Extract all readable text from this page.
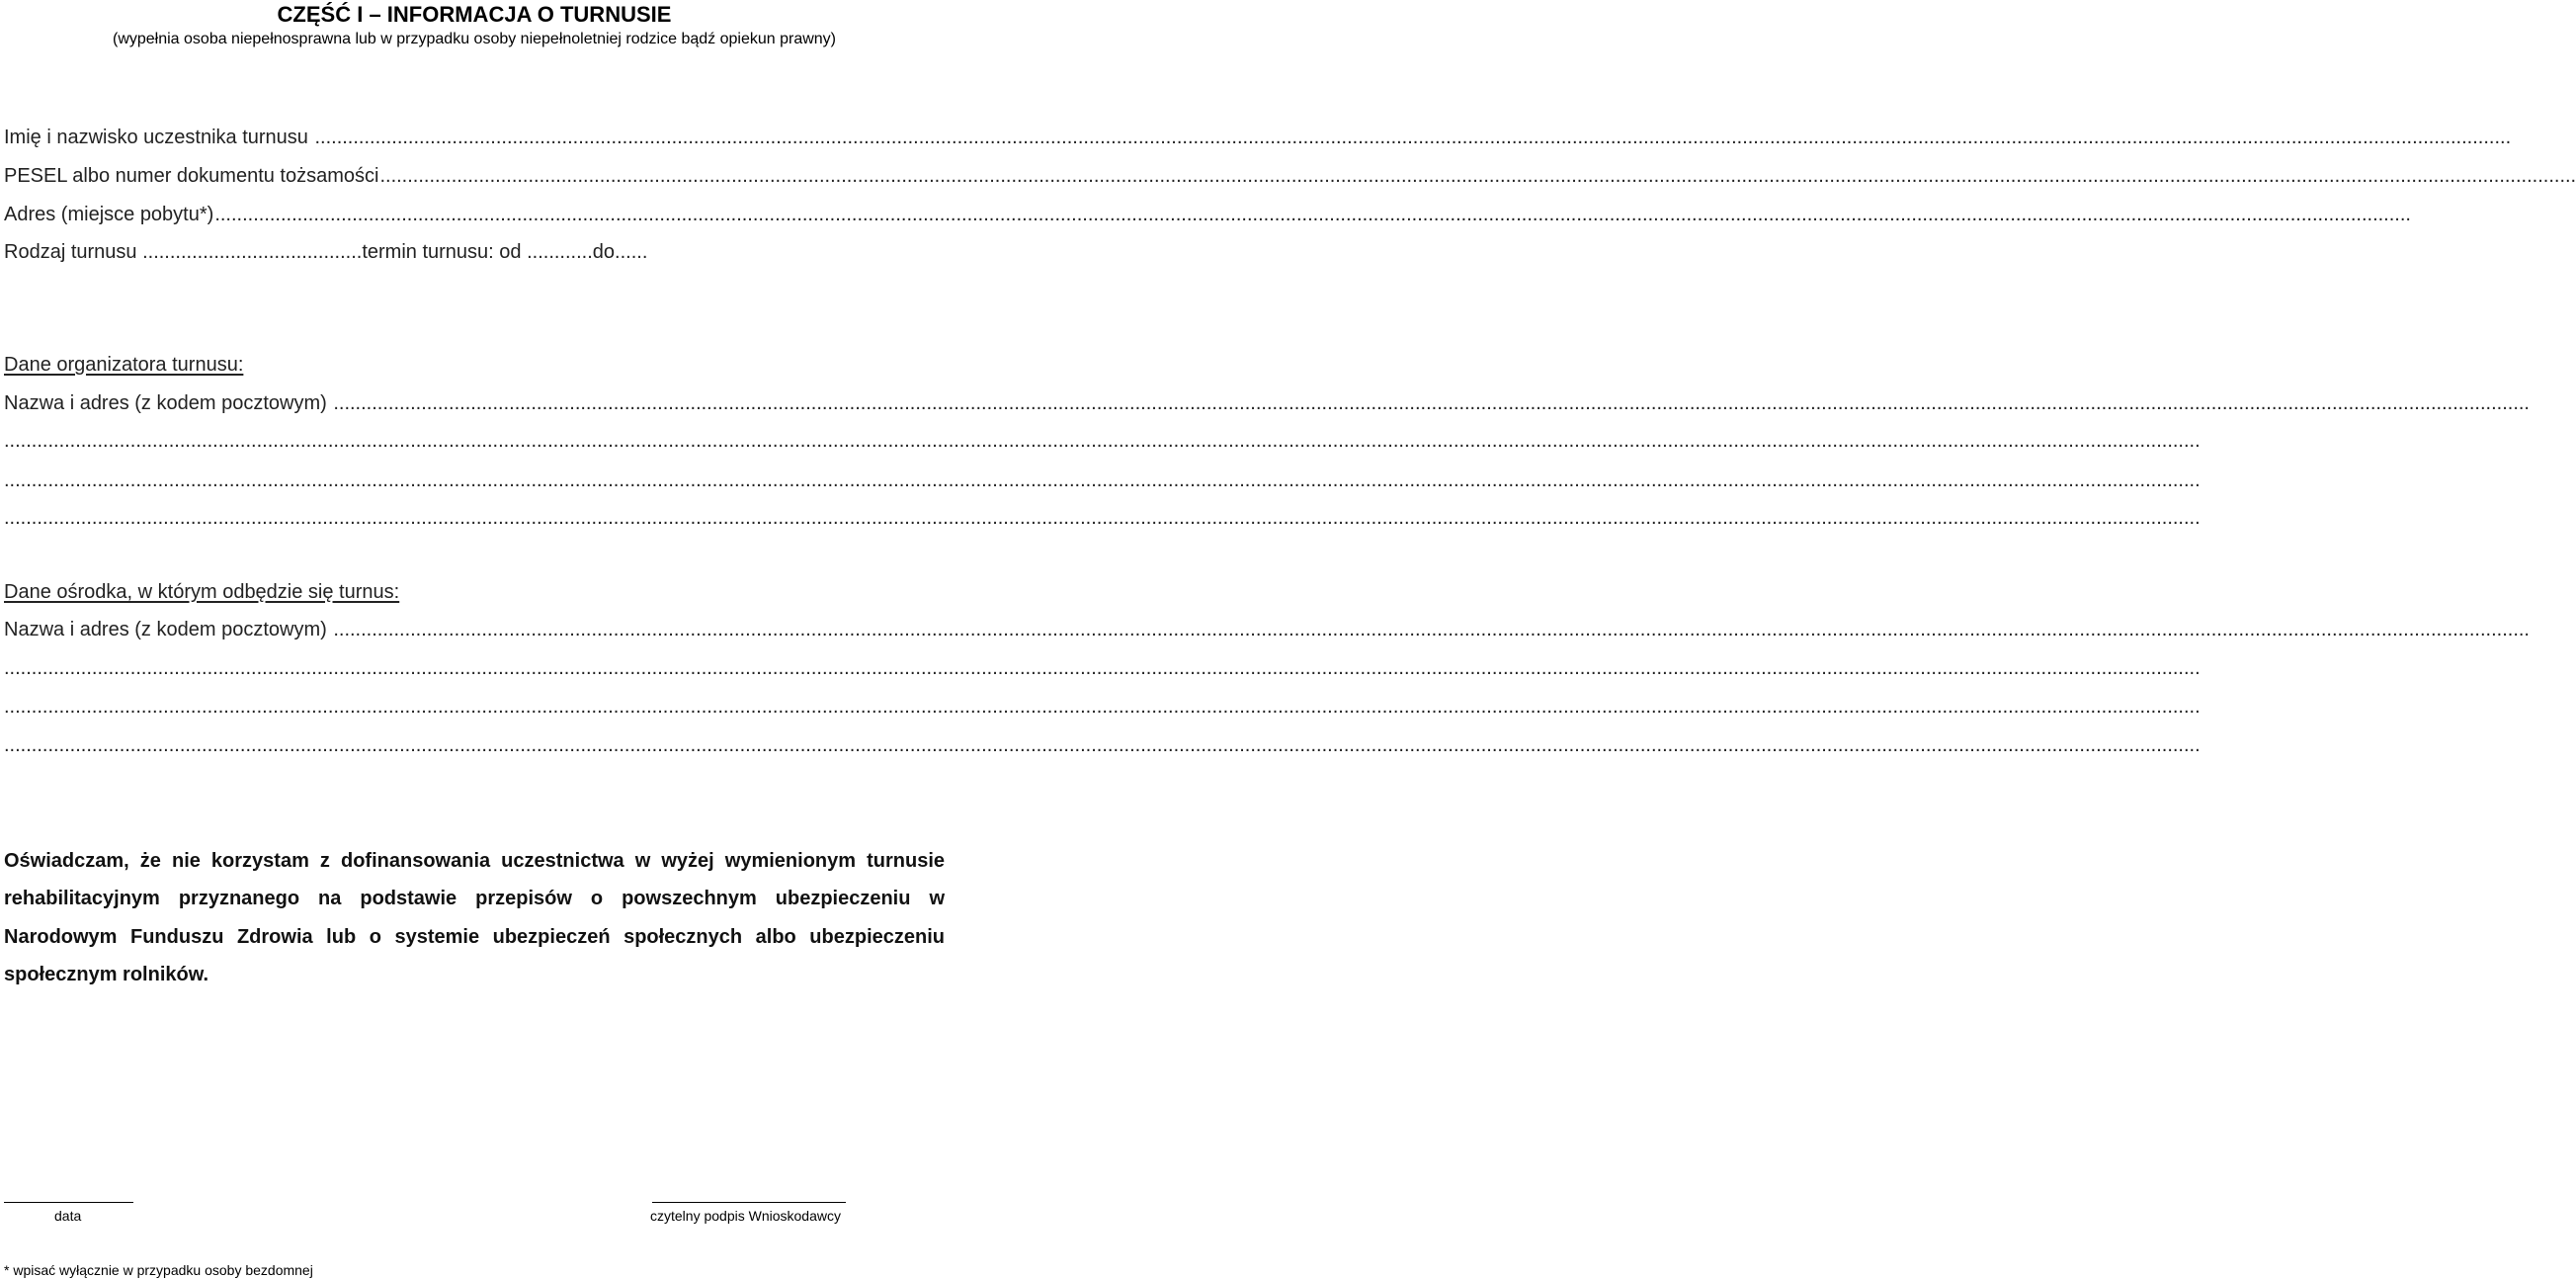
CZĘŚĆ I – INFORMACJA O TURNUSIE
(wypełnia osoba niepełnosprawna lub w przypadku osoby niepełnoletniej rodzice bądź opiekun prawny)
Imię i nazwisko uczestnika turnusu ................................................................................................................................................................................................................................................................................................................................................................................................................
PESEL albo numer dokumentu tożsamości................................................................................................................................................................................................................................................................................................................................................................................................................
Adres (miejsce pobytu*)................................................................................................................................................................................................................................................................................................................................................................................................................
Rodzaj turnusu ........................................termin turnusu: od ............do......
Dane organizatora turnusu:
Nazwa i adres (z kodem pocztowym) ................................................................................................................................................................................................................................................................................................................................................................................................................
................................................................................................................................................................................................................................................................................................................................................................................................................
................................................................................................................................................................................................................................................................................................................................................................................................................
................................................................................................................................................................................................................................................................................................................................................................................................................
Dane ośrodka, w którym odbędzie się turnus:
Nazwa i adres (z kodem pocztowym) ................................................................................................................................................................................................................................................................................................................................................................................................................
................................................................................................................................................................................................................................................................................................................................................................................................................
................................................................................................................................................................................................................................................................................................................................................................................................................
................................................................................................................................................................................................................................................................................................................................................................................................................
Oświadczam, że nie korzystam z dofinansowania uczestnictwa w wyżej wymienionym turnusie rehabilitacyjnym przyznanego na podstawie przepisów o powszechnym ubezpieczeniu w Narodowym Funduszu Zdrowia lub o systemie ubezpieczeń społecznych albo ubezpieczeniu społecznym rolników.
data	czytelny podpis Wnioskodawcy
* wpisać wyłącznie w przypadku osoby bezdomnej
